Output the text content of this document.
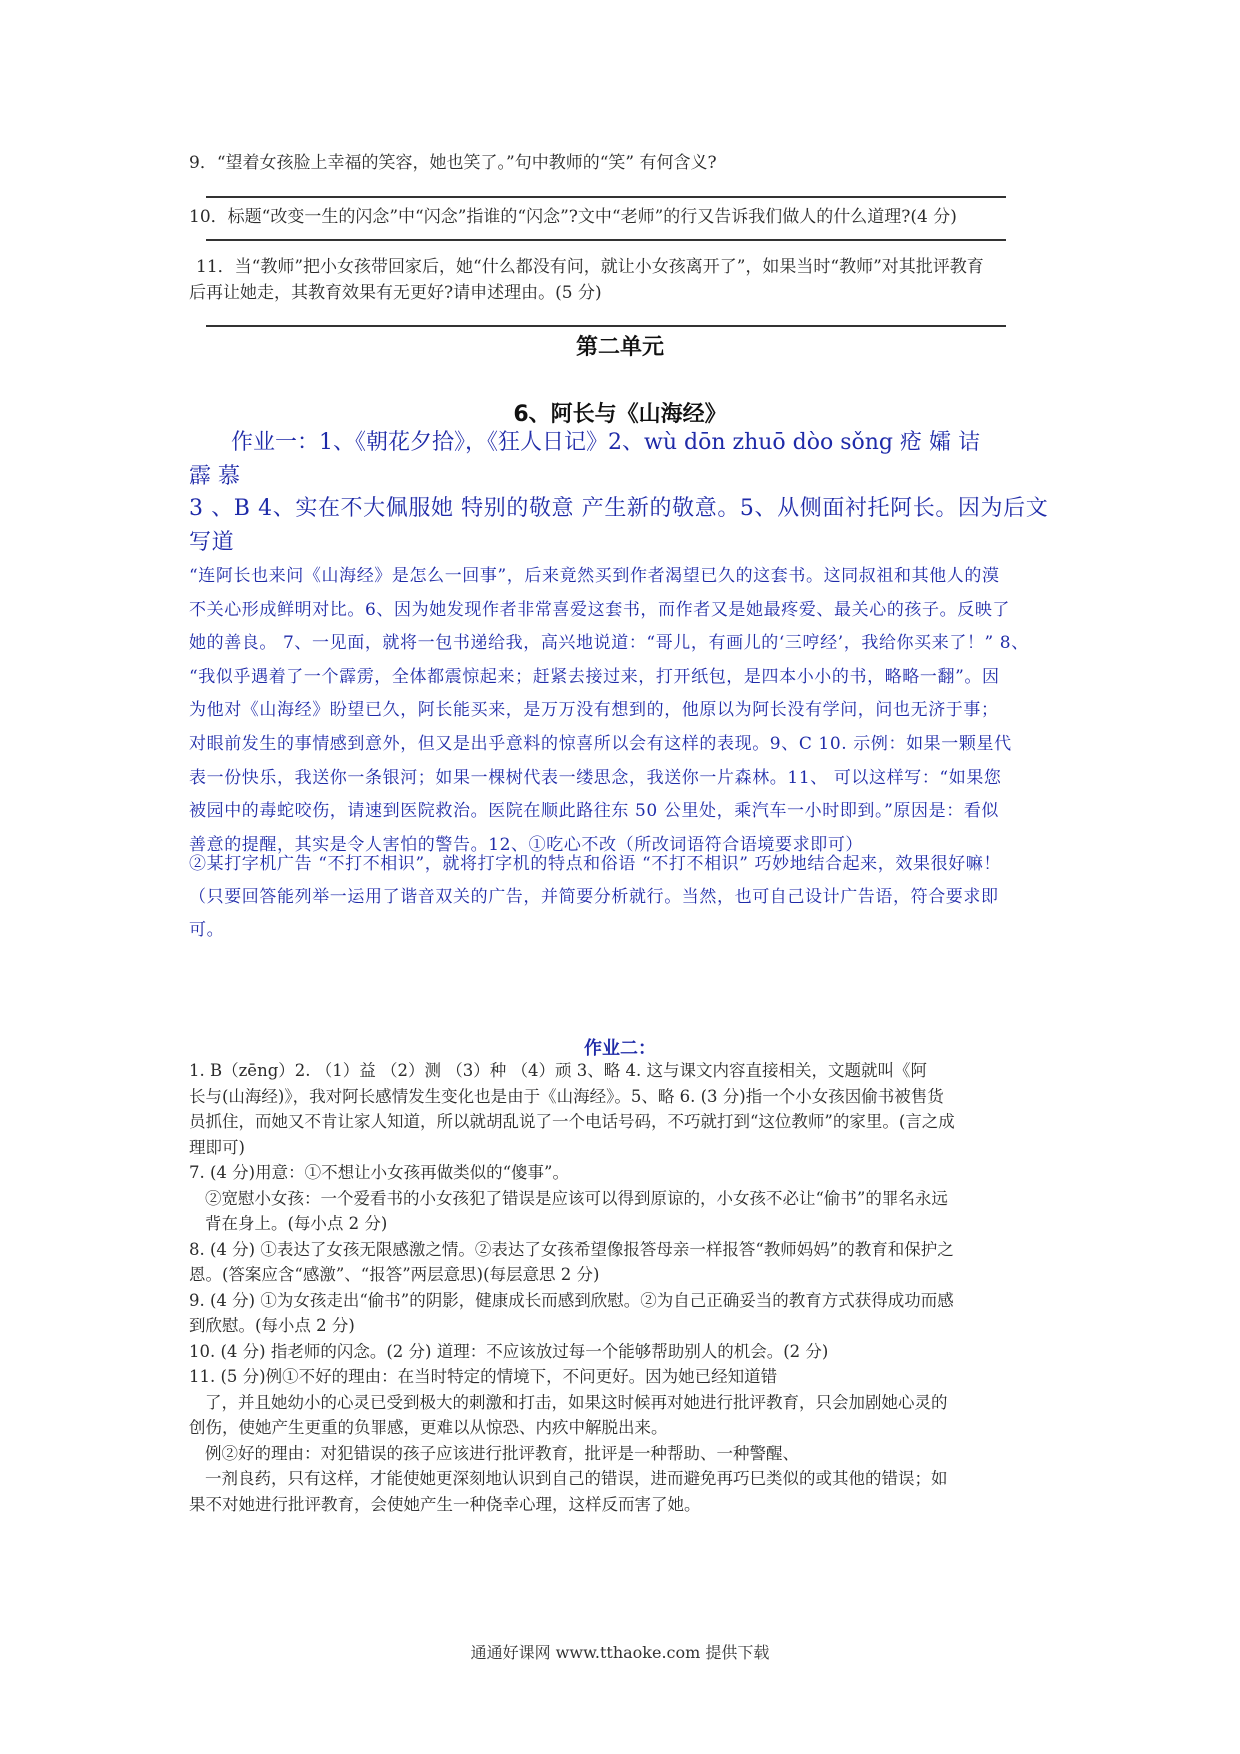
9．“望着女孩脸上幸福的笑容，她也笑了。”句中教师的“笑” 有何含义?
10．标题“改变一生的闪念”中“闪念”指谁的“闪念”?文中“老师”的行又告诉我们做人的什么道理?(4 分)
11．当“教师”把小女孩带回家后，她“什么都没有问，就让小女孩离开了”，如果当时“教师”对其批评教育
后再让她走，其教育效果有无更好?请申述理由。(5 分)
第二单元
6、阿长与《山海经》
作业一：1、《朝花夕拾》，《狂人日记》2、wù dōn zhuō dòo sǒng 疮 孀 诘
霹 慕

3 、B 4、实在不大佩服她 特别的敬意 产生新的敬意。5、从侧面衬托阿长。因为后文写道

“连阿长也来问《山海经》是怎么一回事”，后来竟然买到作者渴望已久的这套书。这同叔祖和其他人的漠

不关心形成鲜明对比。6、因为她发现作者非常喜爱这套书，而作者又是她最疼爱、最关心的孩子。反映了

她的善良。 7、一见面，就将一包书递给我，高兴地说道：“哥儿，有画儿的‘三哼经’，我给你买来了！” 8、

“我似乎遇着了一个霹雳，全体都震惊起来；赶紧去接过来，打开纸包，是四本小小的书，略略一翻”。因

为他对《山海经》盼望已久，阿长能买来，是万万没有想到的，他原以为阿长没有学问，问也无济于事；

对眼前发生的事情感到意外，但又是出乎意料的惊喜所以会有这样的表现。9、C 10. 示例：如果一颗星代

表一份快乐，我送你一条银河；如果一棵树代表一缕思念，我送你一片森林。11、 可以这样写：“如果您

被园中的毒蛇咬伤，请速到医院救治。医院在顺此路往东 50 公里处，乘汽车一小时即到。”原因是：看似

善意的提醒，其实是令人害怕的警告。12、①吃心不改（所改词语符合语境要求即可）

②某打字机广告 “不打不相识”，就将打字机的特点和俗语 “不打不相识” 巧妙地结合起来，效果很好嘛！

（只要回答能列举一运用了谐音双关的广告，并简要分析就行。当然，也可自己设计广告语，符合要求即

可。

作业二：

1. B（zēng）2. （1）益 （2）测 （3）种 （4）顽 3、略 4. 这与课文内容直接相关，文题就叫《阿

长与(山海经)》，我对阿长感情发生变化也是由于《山海经》。5、略 6. (3 分)指一个小女孩因偷书被售货

员抓住，而她又不肯让家人知道，所以就胡乱说了一个电话号码，不巧就打到“这位教师”的家里。(言之成

理即可)

7. (4 分)用意：①不想让小女孩再做类似的“傻事”。

②宽慰小女孩：一个爱看书的小女孩犯了错误是应该可以得到原谅的，小女孩不必让“偷书”的罪名永远

背在身上。(每小点 2 分)

8. (4 分) ①表达了女孩无限感激之情。②表达了女孩希望像报答母亲一样报答“教师妈妈”的教育和保护之

恩。(答案应含“感激”、“报答”两层意思)(每层意思 2 分)

9. (4 分) ①为女孩走出“偷书”的阴影，健康成长而感到欣慰。②为自己正确妥当的教育方式获得成功而感

到欣慰。(每小点 2 分)

10. (4 分) 指老师的闪念。(2 分) 道理：不应该放过每一个能够帮助别人的机会。(2 分)

11. (5 分)例①不好的理由：在当时特定的情境下，不问更好。因为她已经知道错

了，并且她幼小的心灵已受到极大的刺激和打击，如果这时候再对她进行批评教育，只会加剧她心灵的

创伤，使她产生更重的负罪感，更难以从惊恐、内疚中解脱出来。

例②好的理由：对犯错误的孩子应该进行批评教育，批评是一种帮助、一种警醒、

一剂良药，只有这样，才能使她更深刻地认识到自己的错误，进而避免再巧巳类似的或其他的错误；如

果不对她进行批评教育，会使她产生一种侥幸心理，这样反而害了她。

通通好课网 www.tthaoke.com 提供下载
